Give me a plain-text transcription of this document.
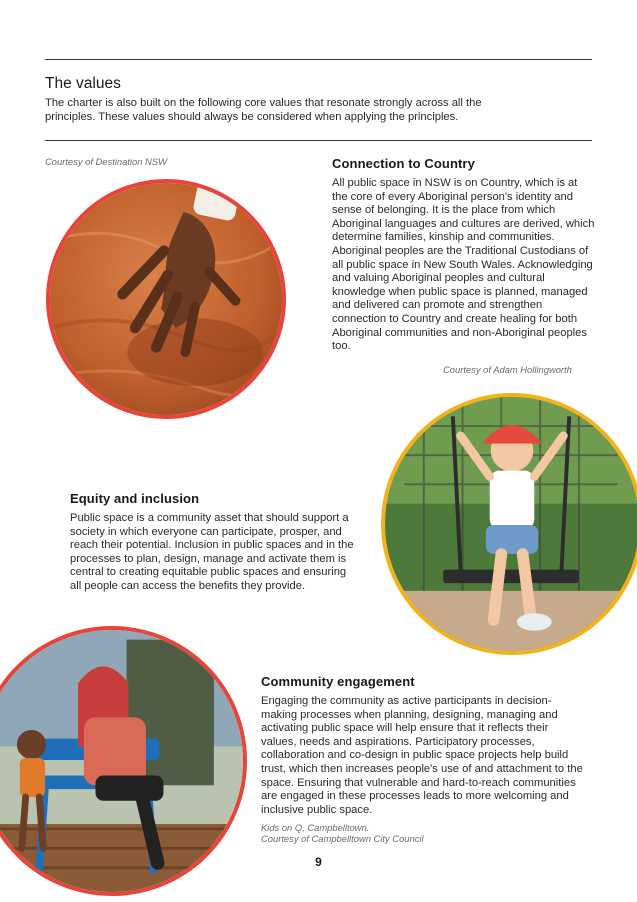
The values

The charter is also built on the following core values that resonate strongly across all the principles. These values should always be considered when applying the principles.

Courtesy of Destination NSW	Connection to Country

All public space in NSW is on Country, which is at the core of every Aboriginal person's identity and sense of belonging. It is the place from which Aboriginal languages and cultures are derived, which determine families, kinship and communities. Aboriginal peoples are the Traditional Custodians of all public space in New South Wales. Acknowledging and valuing Aboriginal peoples and cultural knowledge when public space is planned, managed and delivered can promote and strengthen connection to Country and create healing for both Aboriginal communities and non-Aboriginal peoples too.

Courtesy of Adam Hollingworth

Equity and inclusion

Public space is a community asset that should support a society in which everyone can participate, prosper, and reach their potential. Inclusion in public spaces and in the processes to plan, design, manage and activate them is central to creating equitable public spaces and ensuring all people can access the benefits they provide.

Community engagement

Engaging the community as active participants in decision-making processes when planning, designing, managing and activating public space will help ensure that it reflects their values, needs and aspirations. Participatory processes, collaboration and co-design in public space projects help build trust, which then increases people's use of and attachment to the space. Ensuring that vulnerable and hard-to-reach communities are engaged in these processes leads to more welcoming and inclusive public space.

Kids on Q, Campbelltown.

Courtesy of Campbelltown City Council

9
